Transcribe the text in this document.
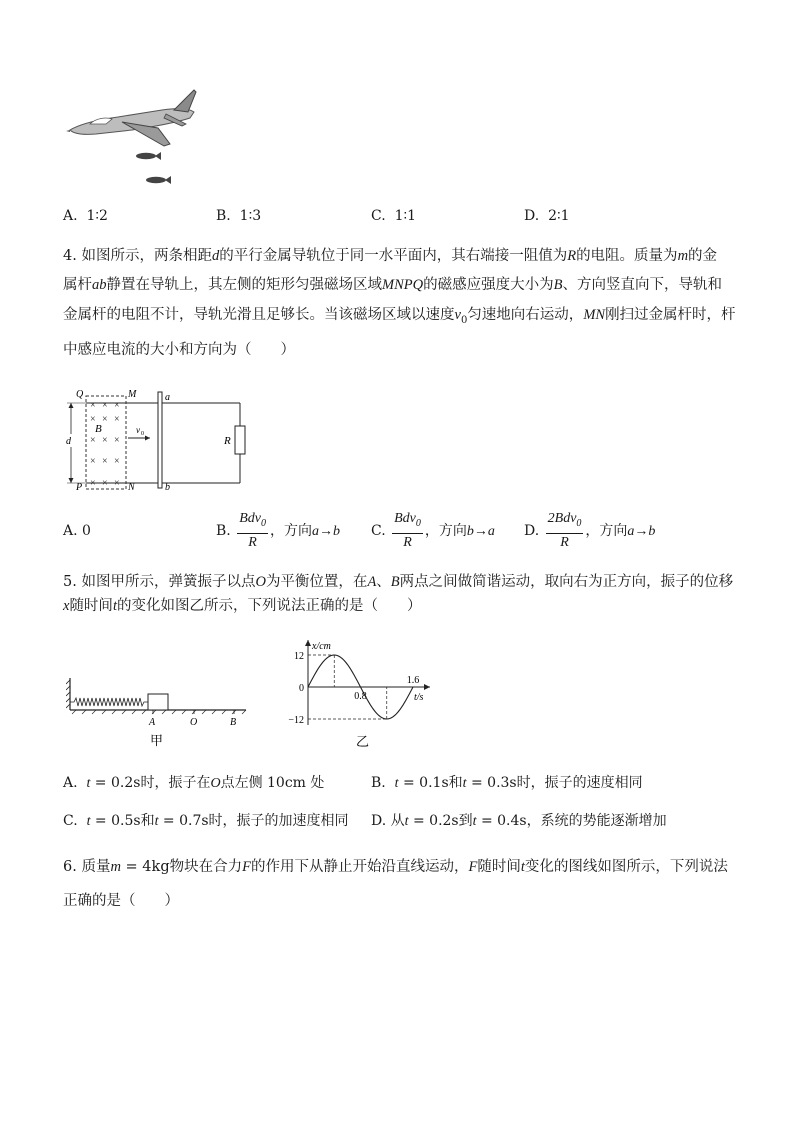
A. 1∶2	B. 1∶3	C. 1∶1	D. 2∶1
4. 如图所示，两条相距d的平行金属导轨位于同一水平面内，其右端接一阻值为R的电阻。质量为m的金
属杆ab静置在导轨上，其左侧的矩形匀强磁场区域MNPQ的磁感应强度大小为B、方向竖直向下，导轨和
金属杆的电阻不计，导轨光滑且足够长。当该磁场区域以速度$v_0$匀速地向右运动，MN刚扫过金属杆时，杆
中感应电流的大小和方向为（　　）
R
× × ×
× × ×
× × ×
× × ×
× × ×
B	v 0
a
b
Q	M
P	N
d
A. 0	B. $\frac{Bdv_0}{R}$ ，方向a→b C. $\frac{Bdv_0}{R}$ ，方向b→a D. $\frac{2Bdv_0}{R}$ ，方向a→b
5. 如图甲所示，弹簧振子以点O为平衡位置，在A、B两点之间做简谐运动，取向右为正方向，振子的位移
x随时间t的变化如图乙所示，下列说法正确的是（　　）
A	O	B
甲	乙
x/cm
t/s
12
0
−12
0.8
1.6
A. t = 0.2s时，振子在O点左侧 10cm 处	B. t = 0.1s和t = 0.3s时，振子的速度相同
C. t = 0.5s和t = 0.7s时，振子的加速度相同 D. 从t = 0.2s到t = 0.4s，系统的势能逐渐增加
6. 质量m = 4kg物块在合力F的作用下从静止开始沿直线运动，F随时间t变化的图线如图所示，下列说法
正确的是（　　）
